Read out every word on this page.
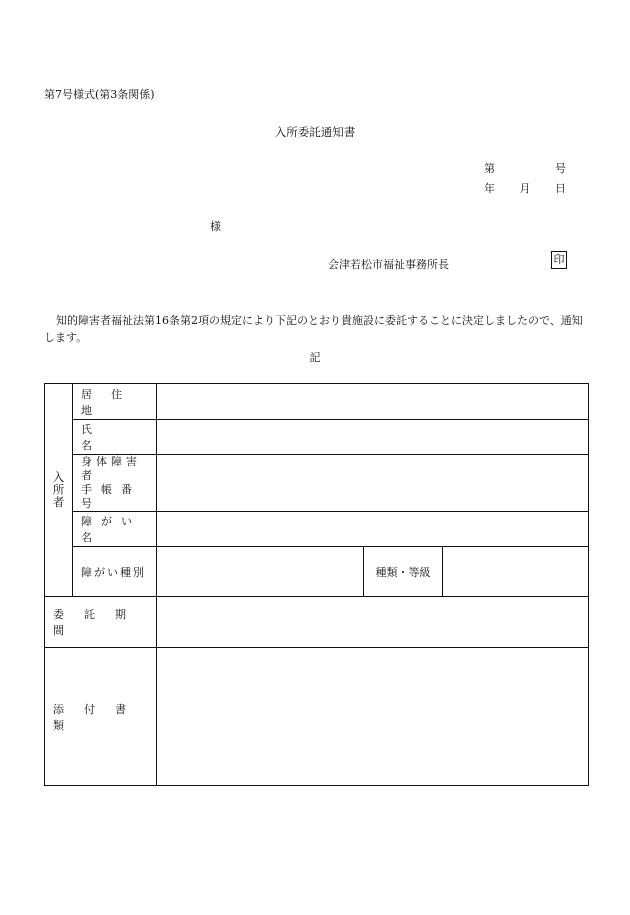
第7号様式(第3条関係)
入所委託通知書
第	号
年 月 日
様
会津若松市福祉事務所長	印
知的障害者福祉法第16条第2項の規定により下記のとおり貴施設に委託することに決定しましたので、通知します。
記
入所者	居住地			

	氏名			

	身体障害者
手帳番号			

	障がい名			

	障がい種別		種類・等級	

委託期間				

添付書類				
